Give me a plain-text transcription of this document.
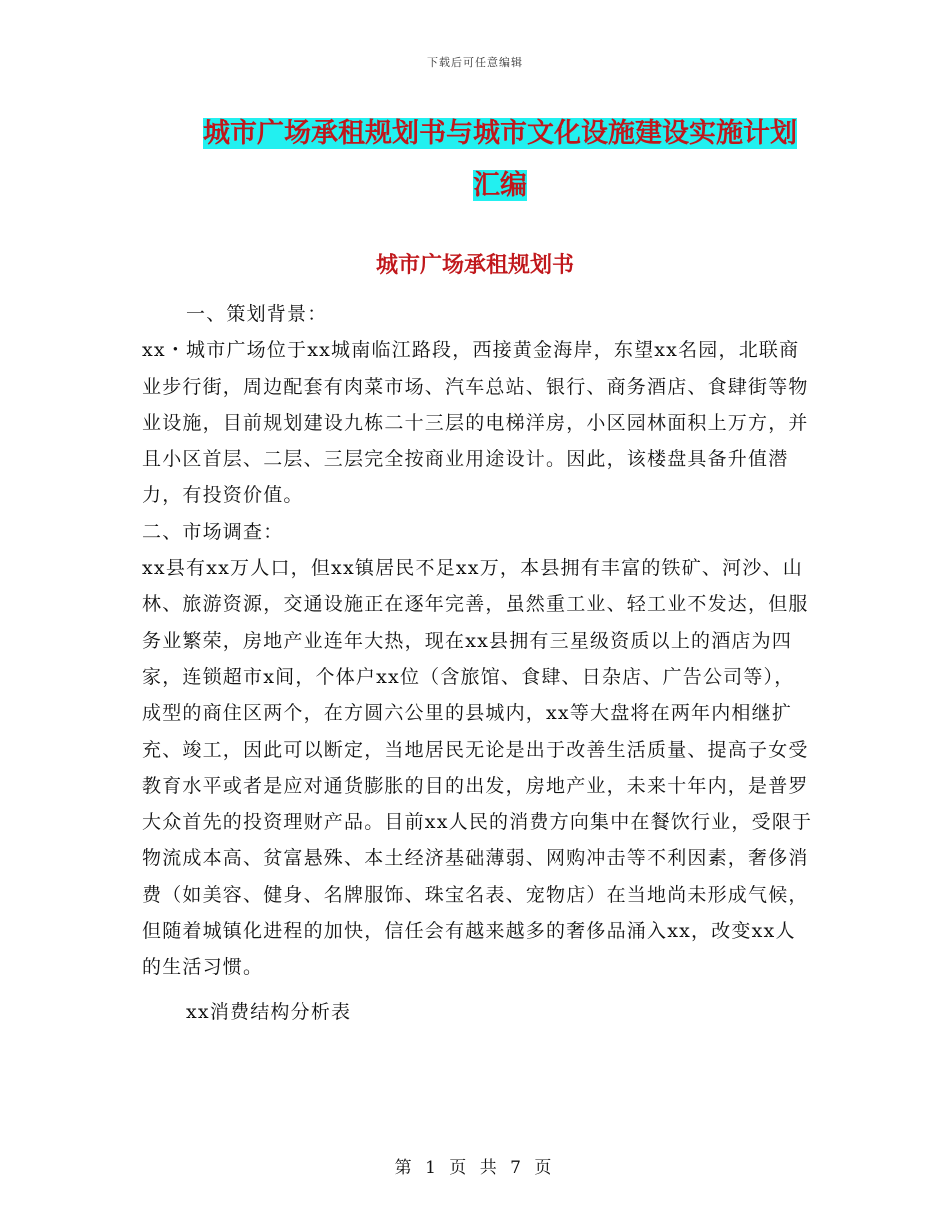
下载后可任意编辑
城市广场承租规划书与城市文化设施建设实施计划汇编
城市广场承租规划书

一、策划背景：

xx・城市广场位于xx城南临江路段，西接黄金海岸，东望xx名园，北联商业步行街，周边配套有肉菜市场、汽车总站、银行、商务酒店、食肆街等物业设施，目前规划建设九栋二十三层的电梯洋房，小区园林面积上万方，并且小区首层、二层、三层完全按商业用途设计。因此，该楼盘具备升值潜力，有投资价值。

二、市场调查：

xx县有xx万人口，但xx镇居民不足xx万，本县拥有丰富的铁矿、河沙、山林、旅游资源，交通设施正在逐年完善，虽然重工业、轻工业不发达，但服务业繁荣，房地产业连年大热，现在xx县拥有三星级资质以上的酒店为四家，连锁超市x间，个体户xx位（含旅馆、食肆、日杂店、广告公司等），成型的商住区两个，在方圆六公里的县城内，xx等大盘将在两年内相继扩充、竣工，因此可以断定，当地居民无论是出于改善生活质量、提高子女受教育水平或者是应对通货膨胀的目的出发，房地产业，未来十年内，是普罗大众首先的投资理财产品。目前xx人民的消费方向集中在餐饮行业，受限于物流成本高、贫富悬殊、本土经济基础薄弱、网购冲击等不利因素，奢侈消费（如美容、健身、名牌服饰、珠宝名表、宠物店）在当地尚未形成气候，但随着城镇化进程的加快，信任会有越来越多的奢侈品涌入xx，改变xx人的生活习惯。

xx消费结构分析表

第 1 页 共 7 页
